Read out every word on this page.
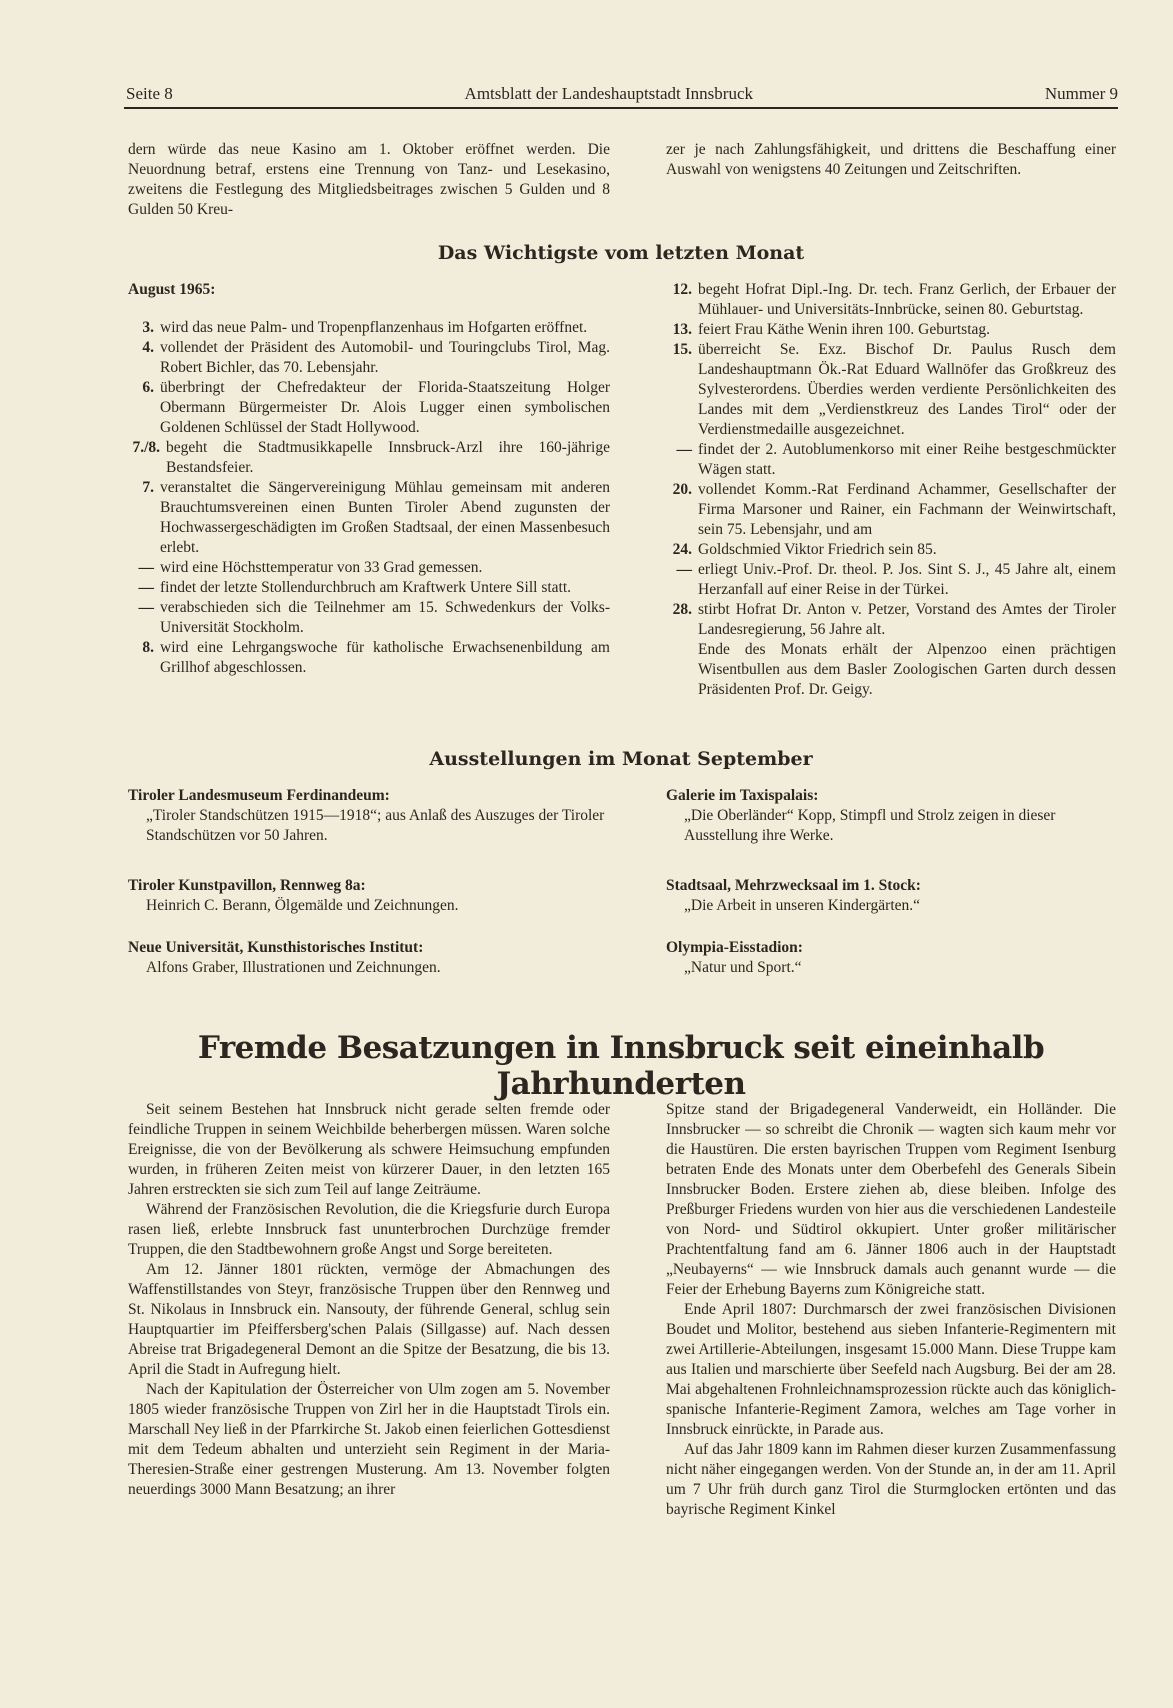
Seite 8	Amtsblatt der Landeshauptstadt Innsbruck	Nummer 9

dern würde das neue Kasino am 1. Oktober eröffnet werden. Die Neuordnung betraf, erstens eine Trennung von Tanz- und Lesekasino, zweitens die Festlegung des Mitgliedsbeitrages zwischen 5 Gulden und 8 Gulden 50 Kreu-

zer je nach Zahlungsfähigkeit, und drittens die Beschaffung einer Auswahl von wenigstens 40 Zeitungen und Zeitschriften.

Das Wichtigste vom letzten Monat
August 1965:
3. wird das neue Palm- und Tropenpflanzenhaus im Hofgarten eröffnet.
4. vollendet der Präsident des Automobil- und Touringclubs Tirol, Mag. Robert Bichler, das 70. Lebensjahr.
6. überbringt der Chefredakteur der Florida-Staatszeitung Holger Obermann Bürgermeister Dr. Alois Lugger einen symbolischen Goldenen Schlüssel der Stadt Hollywood.
7./8. begeht die Stadtmusikkapelle Innsbruck-Arzl ihre 160-jährige Bestandsfeier.
7. veranstaltet die Sängervereinigung Mühlau gemeinsam mit anderen Brauchtumsvereinen einen Bunten Tiroler Abend zugunsten der Hochwassergeschädigten im Großen Stadtsaal, der einen Massenbesuch erlebt.
— wird eine Höchsttemperatur von 33 Grad gemessen.
— findet der letzte Stollendurchbruch am Kraftwerk Untere Sill statt.
— verabschieden sich die Teilnehmer am 15. Schwedenkurs der Volks-Universität Stockholm.
8. wird eine Lehrgangswoche für katholische Erwachsenenbildung am Grillhof abgeschlossen.
12. begeht Hofrat Dipl.-Ing. Dr. tech. Franz Gerlich, der Erbauer der Mühlauer- und Universitäts-Innbrücke, seinen 80. Geburtstag.
13. feiert Frau Käthe Wenin ihren 100. Geburtstag.
15. überreicht Se. Exz. Bischof Dr. Paulus Rusch dem Landeshauptmann Ök.-Rat Eduard Wallnöfer das Großkreuz des Sylvesterordens. Überdies werden verdiente Persönlichkeiten des Landes mit dem „Verdienstkreuz des Landes Tirol“ oder der Verdienstmedaille ausgezeichnet.
— findet der 2. Autoblumenkorso mit einer Reihe bestgeschmückter Wägen statt.
20. vollendet Komm.-Rat Ferdinand Achammer, Gesellschafter der Firma Marsoner und Rainer, ein Fachmann der Weinwirtschaft, sein 75. Lebensjahr, und am
24. Goldschmied Viktor Friedrich sein 85.
— erliegt Univ.-Prof. Dr. theol. P. Jos. Sint S. J., 45 Jahre alt, einem Herzanfall auf einer Reise in der Türkei.
28. stirbt Hofrat Dr. Anton v. Petzer, Vorstand des Amtes der Tiroler Landesregierung, 56 Jahre alt.
Ende des Monats erhält der Alpenzoo einen prächtigen Wisentbullen aus dem Basler Zoologischen Garten durch dessen Präsidenten Prof. Dr. Geigy.
Ausstellungen im Monat September
Tiroler Landesmuseum Ferdinandeum:
„Tiroler Standschützen 1915—1918“; aus Anlaß des Auszuges der Tiroler Standschützen vor 50 Jahren.
Tiroler Kunstpavillon, Rennweg 8a:
Heinrich C. Berann, Ölgemälde und Zeichnungen.
Neue Universität, Kunsthistorisches Institut:
Alfons Graber, Illustrationen und Zeichnungen.
Galerie im Taxispalais:
„Die Oberländer“ Kopp, Stimpfl und Strolz zeigen in dieser Ausstellung ihre Werke.
Stadtsaal, Mehrzwecksaal im 1. Stock:
„Die Arbeit in unseren Kindergärten.“
Olympia-Eisstadion:
„Natur und Sport.“
Fremde Besatzungen in Innsbruck seit eineinhalb Jahrhunderten

Seit seinem Bestehen hat Innsbruck nicht gerade selten fremde oder feindliche Truppen in seinem Weichbilde beherbergen müssen. Waren solche Ereignisse, die von der Bevölkerung als schwere Heimsuchung empfunden wurden, in früheren Zeiten meist von kürzerer Dauer, in den letzten 165 Jahren erstreckten sie sich zum Teil auf lange Zeiträume.

Während der Französischen Revolution, die die Kriegsfurie durch Europa rasen ließ, erlebte Innsbruck fast ununterbrochen Durchzüge fremder Truppen, die den Stadtbewohnern große Angst und Sorge bereiteten.

Am 12. Jänner 1801 rückten, vermöge der Abmachungen des Waffenstillstandes von Steyr, französische Truppen über den Rennweg und St. Nikolaus in Innsbruck ein. Nansouty, der führende General, schlug sein Hauptquartier im Pfeiffersberg'schen Palais (Sillgasse) auf. Nach dessen Abreise trat Brigadegeneral Demont an die Spitze der Besatzung, die bis 13. April die Stadt in Aufregung hielt.

Nach der Kapitulation der Österreicher von Ulm zogen am 5. November 1805 wieder französische Truppen von Zirl her in die Hauptstadt Tirols ein. Marschall Ney ließ in der Pfarrkirche St. Jakob einen feierlichen Gottesdienst mit dem Tedeum abhalten und unterzieht sein Regiment in der Maria-Theresien-Straße einer gestrengen Musterung. Am 13. November folgten neuerdings 3000 Mann Besatzung; an ihrer

Spitze stand der Brigadegeneral Vanderweidt, ein Holländer. Die Innsbrucker — so schreibt die Chronik — wagten sich kaum mehr vor die Haustüren. Die ersten bayrischen Truppen vom Regiment Isenburg betraten Ende des Monats unter dem Oberbefehl des Generals Sibein Innsbrucker Boden. Erstere ziehen ab, diese bleiben. Infolge des Preßburger Friedens wurden von hier aus die verschiedenen Landesteile von Nord- und Südtirol okkupiert. Unter großer militärischer Prachtentfaltung fand am 6. Jänner 1806 auch in der Hauptstadt „Neubayerns“ — wie Innsbruck damals auch genannt wurde — die Feier der Erhebung Bayerns zum Königreiche statt.

Ende April 1807: Durchmarsch der zwei französischen Divisionen Boudet und Molitor, bestehend aus sieben Infanterie-Regimentern mit zwei Artillerie-Abteilungen, insgesamt 15.000 Mann. Diese Truppe kam aus Italien und marschierte über Seefeld nach Augsburg. Bei der am 28. Mai abgehaltenen Frohnleichnamsprozession rückte auch das königlich-spanische Infanterie-Regiment Zamora, welches am Tage vorher in Innsbruck einrückte, in Parade aus.

Auf das Jahr 1809 kann im Rahmen dieser kurzen Zusammenfassung nicht näher eingegangen werden. Von der Stunde an, in der am 11. April um 7 Uhr früh durch ganz Tirol die Sturmglocken ertönten und das bayrische Regiment Kinkel
